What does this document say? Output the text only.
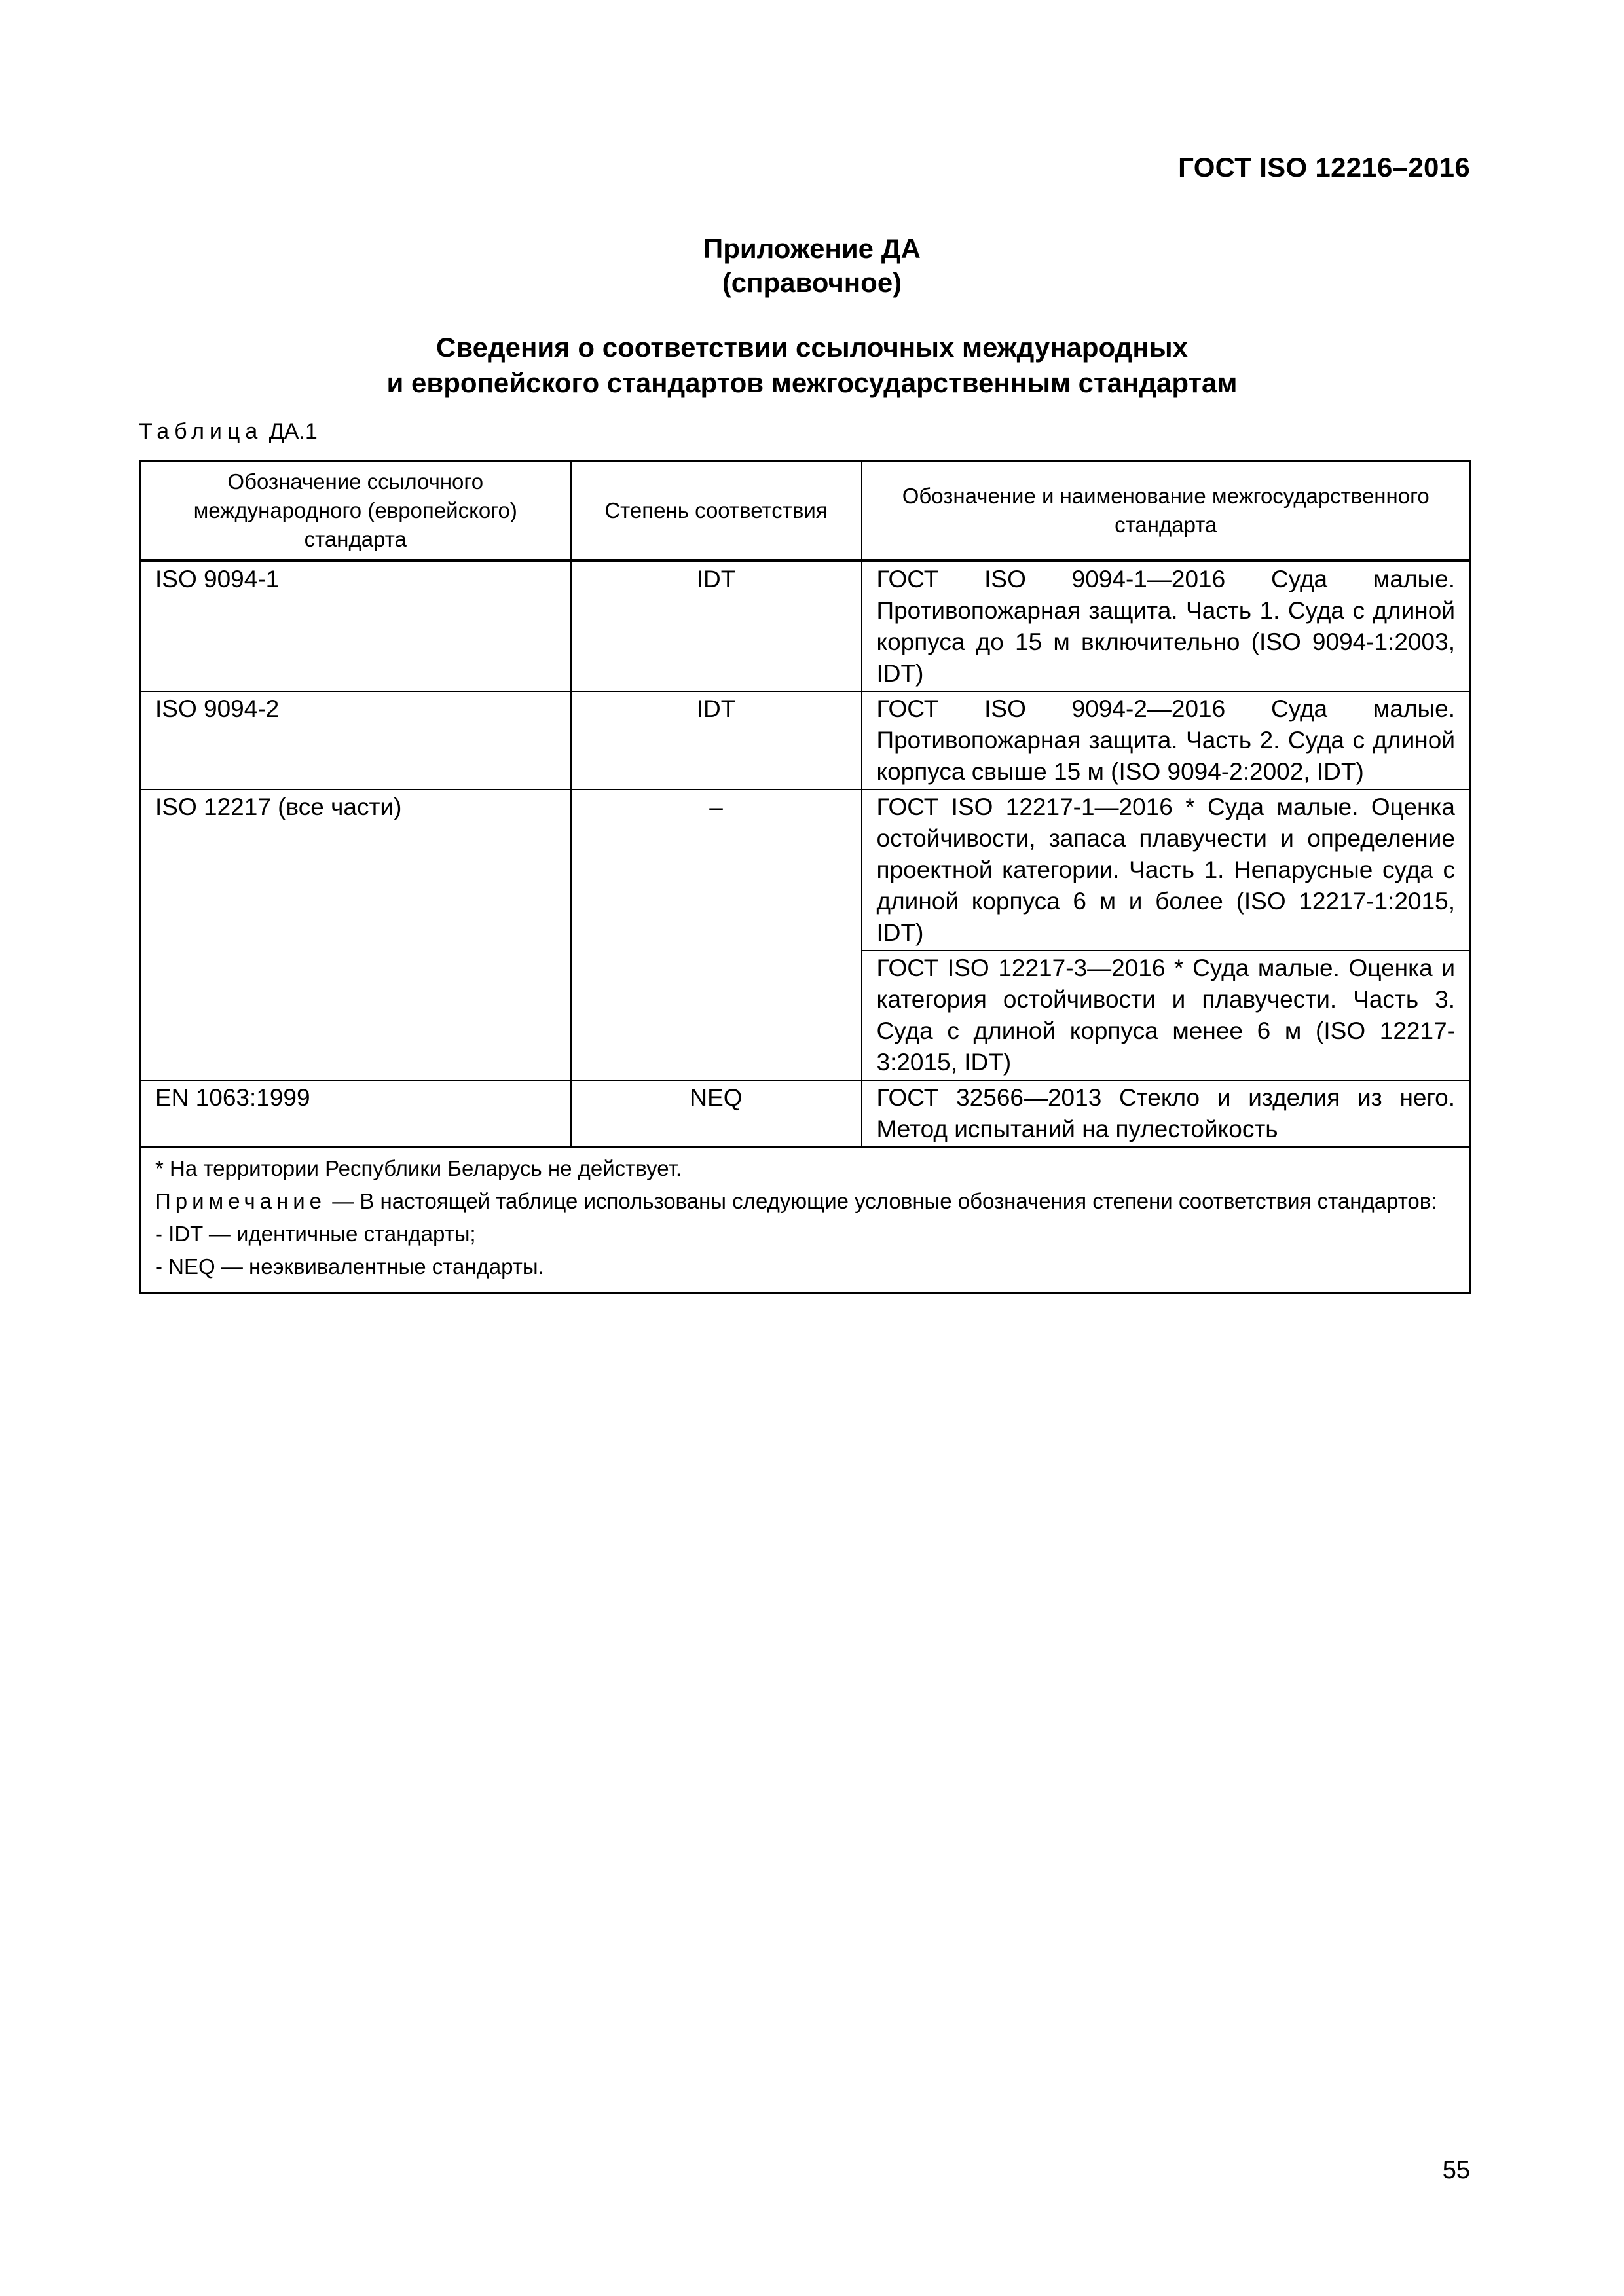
ГОСТ ISO 12216–2016
Приложение ДА
(справочное)
Сведения о соответствии ссылочных международных
и европейского стандартов межгосударственным стандартам
Таблица ДА.1
Обозначение ссылочного международного (европейского) стандарта	Степень соответствия	Обозначение и наименование межгосударственного стандарта
ISO 9094-1	IDT	ГОСТ ISO 9094-1—2016 Суда малые. Противопожарная защита. Часть 1. Суда с длиной корпуса до 15 м включительно (ISO 9094-1:2003, IDT)
ISO 9094-2	IDT	ГОСТ ISO 9094-2—2016 Суда малые. Противопожарная защита. Часть 2. Суда с длиной корпуса свыше 15 м (ISO 9094-2:2002, IDT)
ISO 12217 (все части)	–	ГОСТ ISO 12217-1—2016 * Суда малые. Оценка остойчивости, запаса плавучести и определение проектной категории. Часть 1. Непарусные суда с длиной корпуса 6 м и более (ISO 12217-1:2015, IDT)
		ГОСТ ISO 12217-3—2016 * Суда малые. Оценка и категория остойчивости и плавучести. Часть 3. Суда с длиной корпуса менее 6 м (ISO 12217-3:2015, IDT)
EN 1063:1999	NEQ	ГОСТ 32566—2013 Стекло и изделия из него. Метод испытаний на пулестойкость

* На территории Республики Беларусь не действует.

Примечание — В настоящей таблице использованы следующие условные обозначения степени соответствия стандартов:

- IDT — идентичные стандарты;

- NEQ — неэквивалентные стандарты.		

55
